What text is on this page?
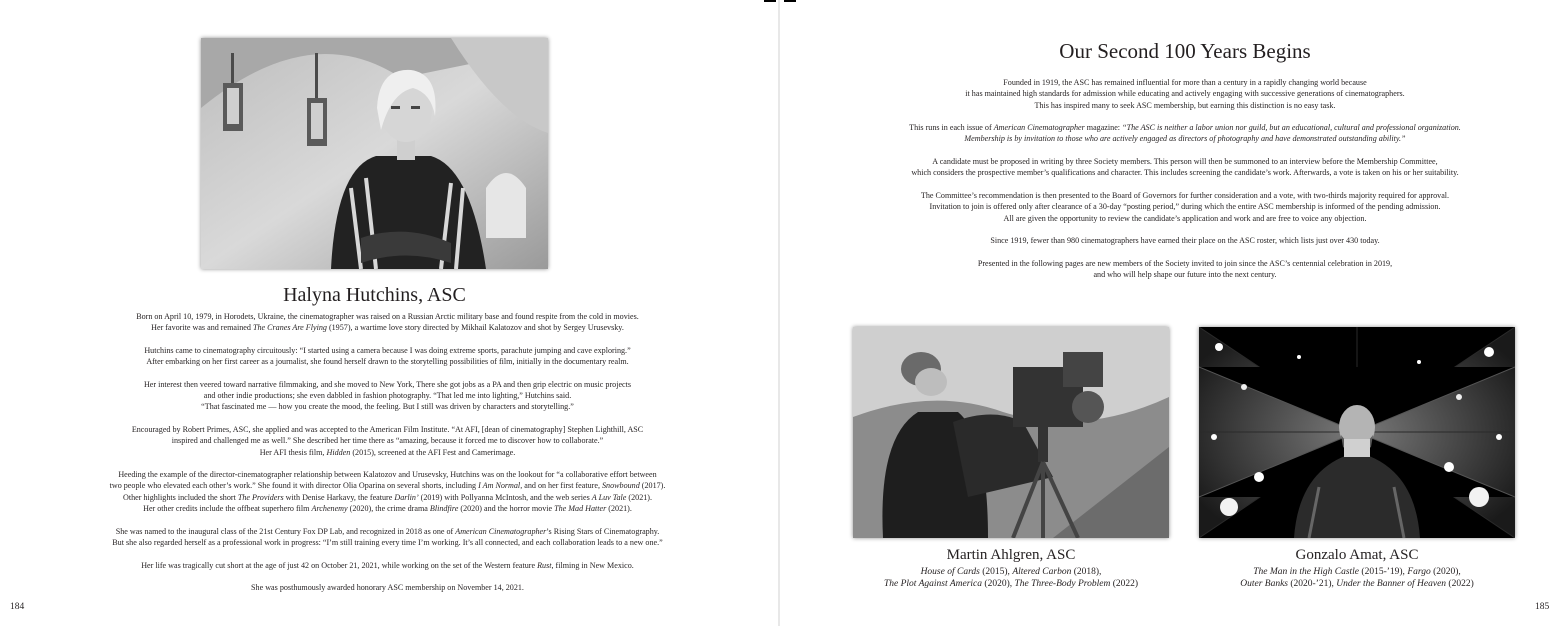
Halyna Hutchins, ASC

Born on April 10, 1979, in Horodets, Ukraine, the cinematographer was raised on a Russian Arctic military base and found respite from the cold in movies.
Her favorite was and remained The Cranes Are Flying (1957), a wartime love story directed by Mikhail Kalatozov and shot by Sergey Urusevsky.

Hutchins came to cinematography circuitously: “I started using a camera because I was doing extreme sports, parachute jumping and cave exploring.”
After embarking on her first career as a journalist, she found herself drawn to the storytelling possibilities of film, initially in the documentary realm.

Her interest then veered toward narrative filmmaking, and she moved to New York, There she got jobs as a PA and then grip electric on music projects
and other indie productions; she even dabbled in fashion photography. “That led me into lighting,” Hutchins said.
“That fascinated me — how you create the mood, the feeling. But I still was driven by characters and storytelling.”

Encouraged by Robert Primes, ASC, she applied and was accepted to the American Film Institute. “At AFI, [dean of cinematography] Stephen Lighthill, ASC
inspired and challenged me as well.” She described her time there as “amazing, because it forced me to discover how to collaborate.”
Her AFI thesis film, Hidden (2015), screened at the AFI Fest and Camerimage.

Heeding the example of the director-cinematographer relationship between Kalatozov and Urusevsky, Hutchins was on the lookout for “a collaborative effort between
two people who elevated each other’s work.” She found it with director Olia Oparina on several shorts, including I Am Normal, and on her first feature, Snowbound (2017).
Other highlights included the short The Providers with Denise Harkavy, the feature Darlin’ (2019) with Pollyanna McIntosh, and the web series A Luv Tale (2021).
Her other credits include the offbeat superhero film Archenemy (2020), the crime drama Blindfire (2020) and the horror movie The Mad Hatter (2021).

She was named to the inaugural class of the 21st Century Fox DP Lab, and recognized in 2018 as one of American Cinematographer’s Rising Stars of Cinematography.
But she also regarded herself as a professional work in progress: “I’m still training every time I’m working. It’s all connected, and each collaboration leads to a new one.”

Her life was tragically cut short at the age of just 42 on October 21, 2021, while working on the set of the Western feature Rust, filming in New Mexico.

She was posthumously awarded honorary ASC membership on November 14, 2021.

184
Our Second 100 Years Begins

Founded in 1919, the ASC has remained influential for more than a century in a rapidly changing world because
it has maintained high standards for admission while educating and actively engaging with successive generations of cinematographers.
This has inspired many to seek ASC membership, but earning this distinction is no easy task.

This runs in each issue of American Cinematographer magazine: “The ASC is neither a labor union nor guild, but an educational, cultural and professional organization.
Membership is by invitation to those who are actively engaged as directors of photography and have demonstrated outstanding ability.”

A candidate must be proposed in writing by three Society members. This person will then be summoned to an interview before the Membership Committee,
which considers the prospective member’s qualifications and character. This includes screening the candidate’s work. Afterwards, a vote is taken on his or her suitability.

The Committee’s recommendation is then presented to the Board of Governors for further consideration and a vote, with two-thirds majority required for approval.
Invitation to join is offered only after clearance of a 30-day “posting period,” during which the entire ASC membership is informed of the pending admission.
All are given the opportunity to review the candidate’s application and work and are free to voice any objection.

Since 1919, fewer than 980 cinematographers have earned their place on the ASC roster, which lists just over 430 today.

Presented in the following pages are new members of the Society invited to join since the ASC’s centennial celebration in 2019,
and who will help shape our future into the next century.

Martin Ahlgren, ASC
House of Cards (2015), Altered Carbon (2018),
The Plot Against America (2020), The Three-Body Problem (2022)
Gonzalo Amat, ASC
The Man in the High Castle (2015-’19), Fargo (2020),
Outer Banks (2020-’21), Under the Banner of Heaven (2022)
185
